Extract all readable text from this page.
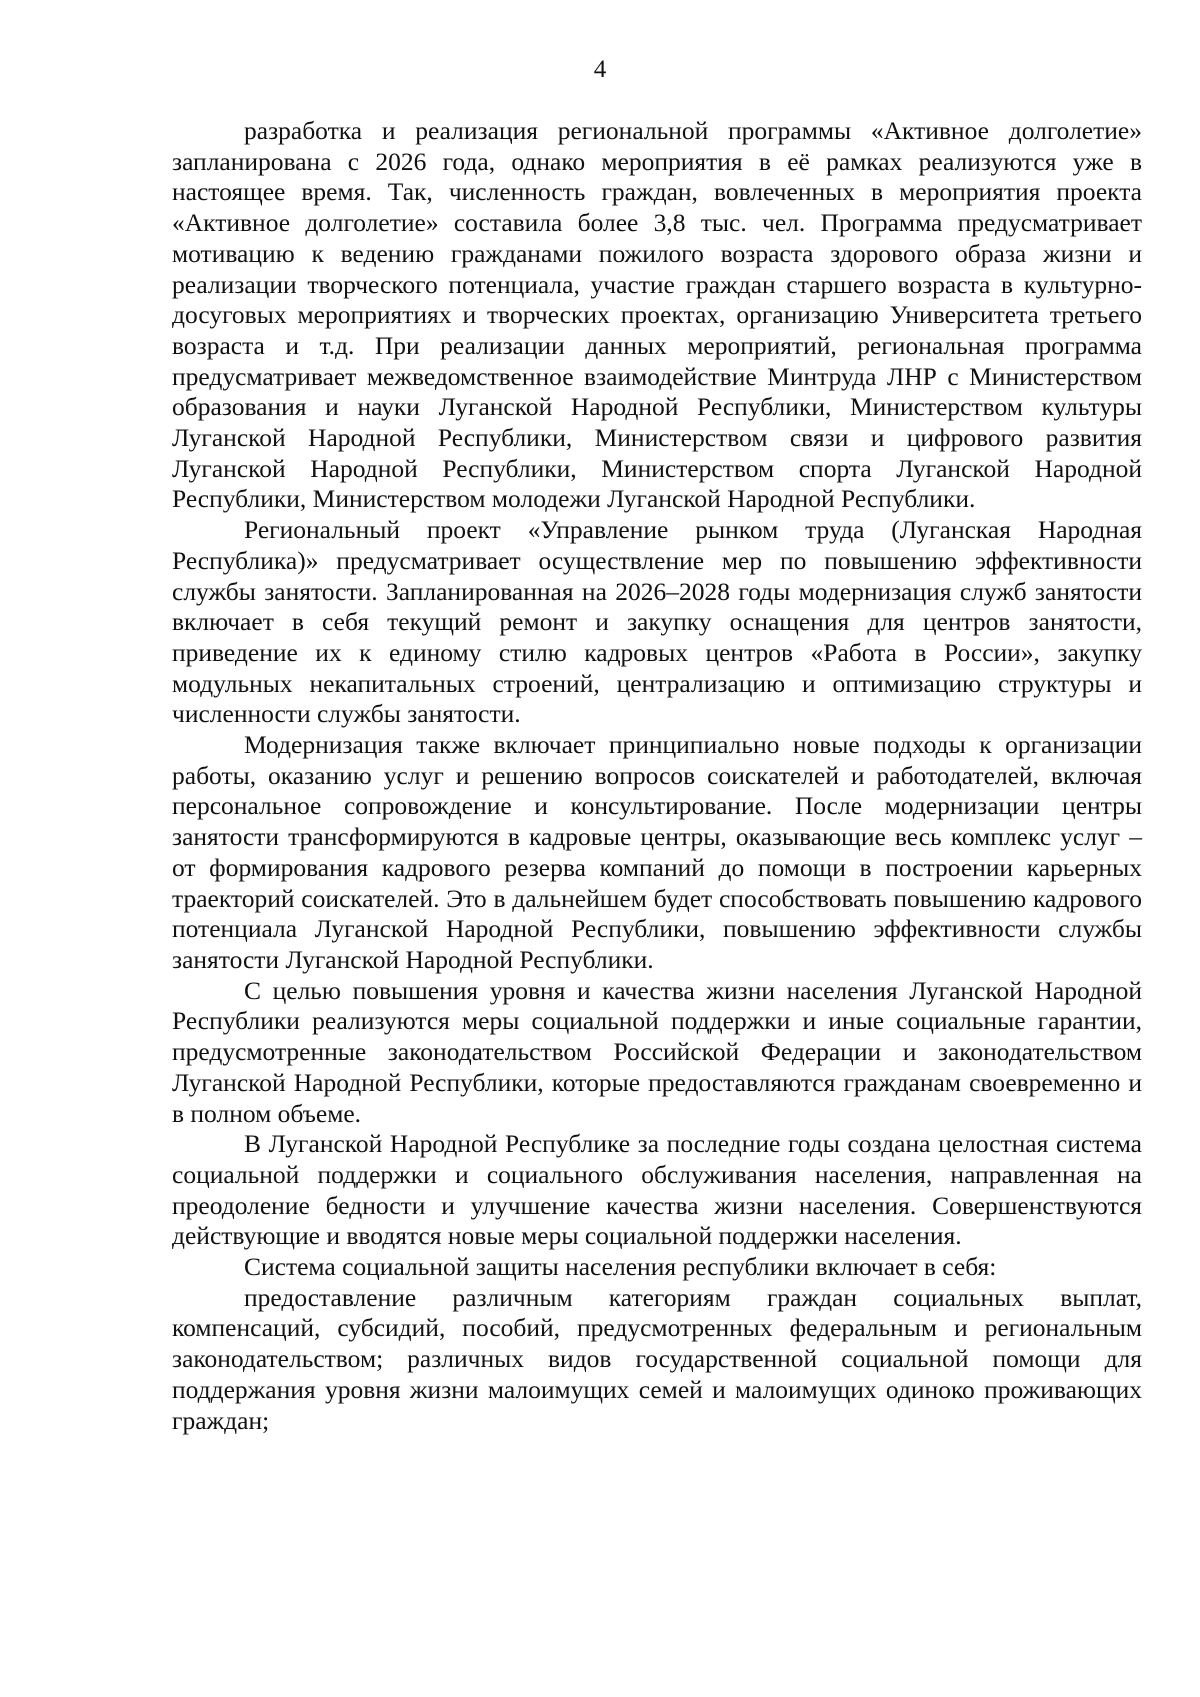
4

разработка и реализация региональной программы «Активное долголетие» запланирована с 2026 года, однако мероприятия в её рамках реализуются уже в настоящее время. Так, численность граждан, вовлеченных в мероприятия проекта «Активное долголетие» составила более 3,8 тыс. чел. Программа предусматривает мотивацию к ведению гражданами пожилого возраста здорового образа жизни и реализации творческого потенциала, участие граждан старшего возраста в культурно-досуговых мероприятиях и творческих проектах, организацию Университета третьего возраста и т.д. При реализации данных мероприятий, региональная программа предусматривает межведомственное взаимодействие Минтруда ЛНР с Министерством образования и науки Луганской Народной Республики, Министерством культуры Луганской Народной Республики, Министерством связи и цифрового развития Луганской Народной Республики, Министерством спорта Луганской Народной Республики, Министерством молодежи Луганской Народной Республики.

Региональный проект «Управление рынком труда (Луганская Народная Республика)» предусматривает осуществление мер по повышению эффективности службы занятости. Запланированная на 2026–2028 годы модернизация служб занятости включает в себя текущий ремонт и закупку оснащения для центров занятости, приведение их к единому стилю кадровых центров «Работа в России», закупку модульных некапитальных строений, централизацию и оптимизацию структуры и численности службы занятости.

Модернизация также включает принципиально новые подходы к организации работы, оказанию услуг и решению вопросов соискателей и работодателей, включая персональное сопровождение и консультирование. После модернизации центры занятости трансформируются в кадровые центры, оказывающие весь комплекс услуг – от формирования кадрового резерва компаний до помощи в построении карьерных траекторий соискателей. Это в дальнейшем будет способствовать повышению кадрового потенциала Луганской Народной Республики, повышению эффективности службы занятости Луганской Народной Республики.

С целью повышения уровня и качества жизни населения Луганской Народной Республики реализуются меры социальной поддержки и иные социальные гарантии, предусмотренные законодательством Российской Федерации и законодательством Луганской Народной Республики, которые предоставляются гражданам своевременно и в полном объеме.

В Луганской Народной Республике за последние годы создана целостная система социальной поддержки и социального обслуживания населения, направленная на преодоление бедности и улучшение качества жизни населения. Совершенствуются действующие и вводятся новые меры социальной поддержки населения.

Система социальной защиты населения республики включает в себя:

предоставление различным категориям граждан социальных выплат, компенсаций, субсидий, пособий, предусмотренных федеральным и региональным законодательством; различных видов государственной социальной помощи для поддержания уровня жизни малоимущих семей и малоимущих одиноко проживающих граждан;
